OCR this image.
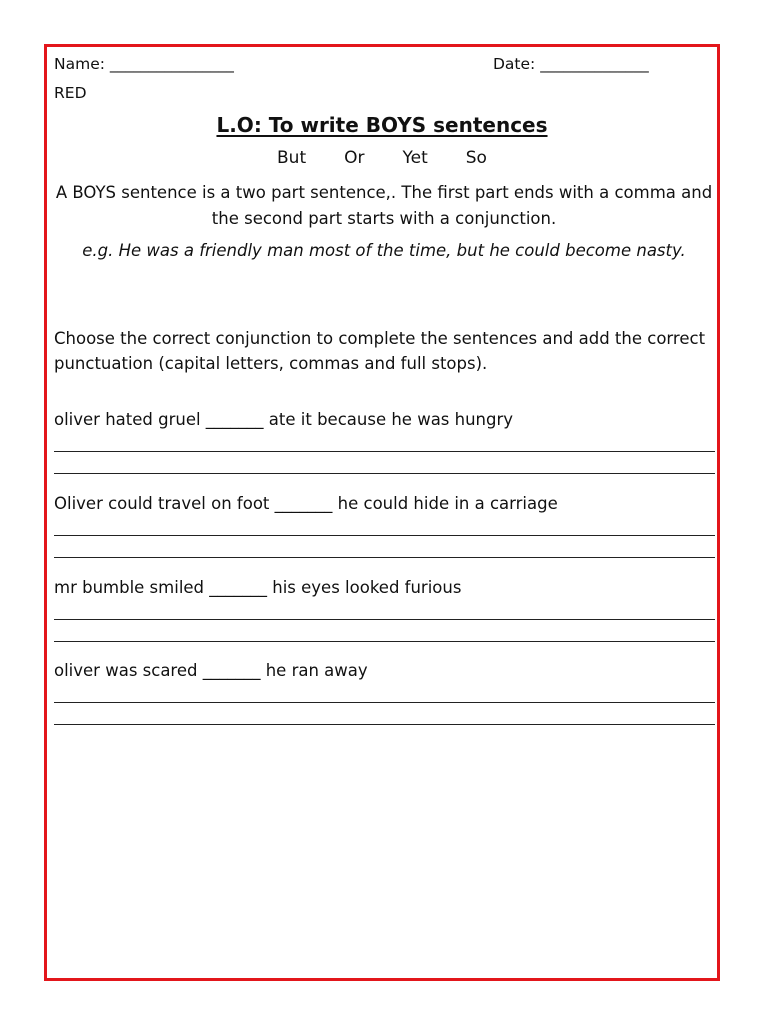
Name: ________________	Date: ______________
RED
L.O: To write BOYS sentences
But Or Yet So
A BOYS sentence is a two part sentence,. The first part ends with a comma and the second part starts with a conjunction.
e.g. He was a friendly man most of the time, but he could become nasty.
Choose the correct conjunction to complete the sentences and add the correct punctuation (capital letters, commas and full stops).
oliver hated gruel _______ ate it because he was hungry
Oliver could travel on foot _______ he could hide in a carriage
mr bumble smiled _______ his eyes looked furious
oliver was scared _______ he ran away
